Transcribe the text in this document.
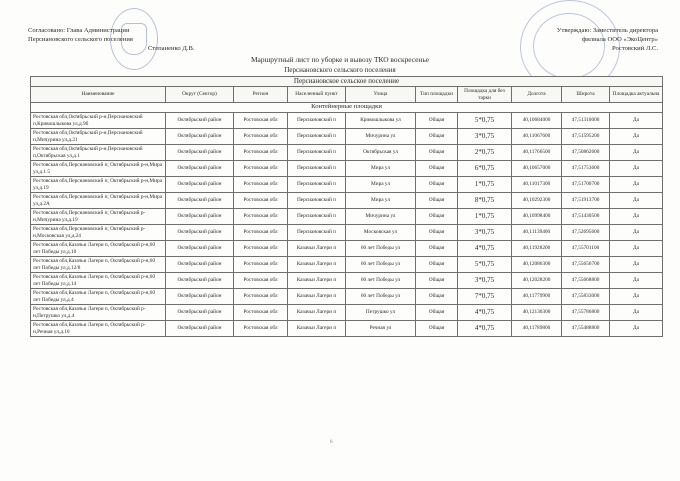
Согласовано: Глава Администрации
Персиановского сельского поселения
Степаненко Д.В.
Утверждаю: Заместитель директора
филиала ООО «ЭкоЦентр»
Ростовский Л.С.
Маршрутный лист по уборке и вывозу ТКО воскресенье
Персиановского сельского поселения
Персиановское сельское поселение									
Наименование	Округ (Сектор)	Регион	Населенный пункт	Улица	Тип площадки	Площадка для без тарки	Долгота	Широта	Площадка актуальна
Контейнерные площадки									
Ростовская обл,Октябрьский р-н,Персиановский п,Кривошлыкова ул,д.9б	Октябрьский район	Ростовская обл	Персиановский п	Кривошлыкова ул	Общая	5*0,75	40,10684000	47,51310000	Да
Ростовская обл,Октябрьский р-н,Персиановский п,Мичурина ул,д.21	Октябрьский район	Ростовская обл	Персиановский п	Мичурина ул	Общая	3*0,75	40,11067600	47,51595200	Да
Ростовская обл,Октябрьский р-н,Персиановский п,Октябрьская ул,д.1	Октябрьский район	Ростовская обл	Персиановский п	Октябрьская ул	Общая	2*0,75	40,11766500	47,50862600	Да
Ростовская обл,Персиановский п, Октябрьский р-н,Мира ул,д.1 5	Октябрьский район	Ростовская обл	Персиановский п	Мира ул	Общая	6*0,75	40,10657000	47,51753600	Да
Ростовская обл,Персиановский п, Октябрьский р-н,Мира ул,д.19	Октябрьский район	Ростовская обл	Персиановский п	Мира ул	Общая	1*0,75	40,11017300	47,51700700	Да
Ростовская обл,Персиановский п, Октябрьский р-н,Мира ул,д.2А	Октябрьский район	Ростовская обл	Персиановский п	Мира ул	Общая	8*0,75	40,10292300	47,51913700	Да
Ростовская обл,Персиановский п, Октябрьский р-н,Мичурина ул,д.19	Октябрьский район	Ростовская обл	Персиановский п	Мичурина ул	Общая	1*0,75	40,10998400	47,51430500	Да
Ростовская обл,Персиановский п, Октябрьский р-н,Московская ул,д.24	Октябрьский район	Ростовская обл	Персиановский п	Московская ул	Общая	3*0,75	40,11139400	47,52695600	Да
Ростовская обл,Казачьи Лагери п, Октябрьский р-н,60 лет Победы ул,д.10	Октябрьский район	Ростовская обл	Казачьи Лагери п	60 лет Победы ул	Общая	4*0,75	40,11928200	47,55701100	Да
Ростовская обл,Казачьи Лагери п, Октябрьский р-н,60 лет Победы ул,д.12/8	Октябрьский район	Ростовская обл	Казачьи Лагери п	60 лет Победы ул	Общая	5*0,75	40,12086300	47,55656700	Да
Ростовская обл,Казачьи Лагери п, Октябрьский р-н,60 лет Победы ул,д.14	Октябрьский район	Ростовская обл	Казачьи Лагери п	60 лет Победы ул	Общая	3*0,75	40,12028200	47,55668800	Да
Ростовская обл,Казачьи Лагери п, Октябрьский р-н,60 лет Победы ул,д.4	Октябрьский район	Ростовская обл	Казачьи Лагери п	60 лет Победы ул	Общая	7*0,75	40,11779900	47,55833000	Да
Ростовская обл,Казачьи Лагери п, Октябрьский р-н,Петрушко ул,д.4	Октябрьский район	Ростовская обл	Казачьи Лагери п	Петрушко ул	Общая	4*0,75	40,12130300	47,55786800	Да
Ростовская обл,Казачьи Лагери п, Октябрьский р-н,Речная ул,д.10	Октябрьский район	Ростовская обл	Казачьи Лагери п	Речная ул	Общая	4*0,75	40,11789800	47,55488800	Да
6
